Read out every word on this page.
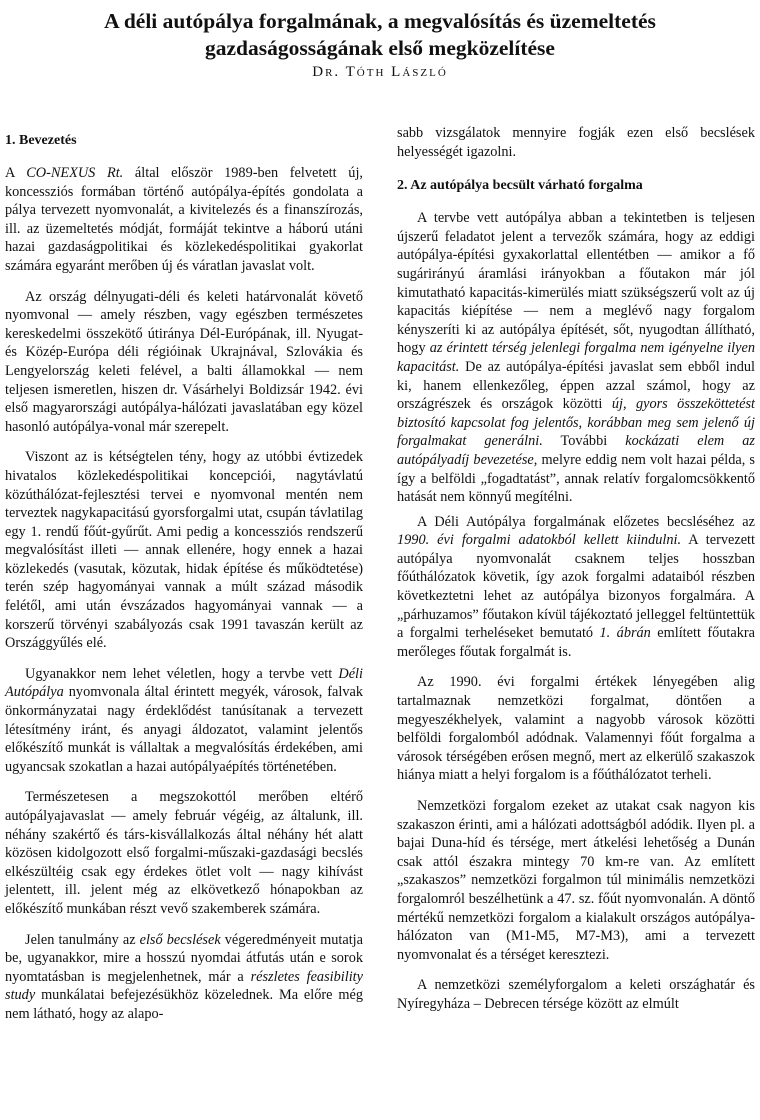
A déli autópálya forgalmának, a megvalósítás és üzemeltetés
gazdaságosságának első megközelítése
Dr. Tóth László
1. Bevezetés

A CO-NEXUS Rt. által először 1989-ben felvetett új, koncessziós formában történő autópálya-építés gondolata a pálya tervezett nyomvonalát, a kivitelezés és a finanszírozás, ill. az üzemeltetés módját, formáját tekintve a háború utáni hazai gazdaságpolitikai és közlekedéspolitikai gyakorlat számára egyaránt merőben új és váratlan javaslat volt.

Az ország délnyugati-déli és keleti határvonalát követő nyomvonal — amely részben, vagy egészben természetes kereskedelmi összekötő útiránya Dél-Európának, ill. Nyugat- és Közép-Európa déli régióinak Ukrajnával, Szlovákia és Lengyelország keleti felével, a balti államokkal — nem teljesen ismeretlen, hiszen dr. Vásárhelyi Boldizsár 1942. évi első magyarországi autópálya-hálózati javaslatában egy közel hasonló autópálya-vonal már szerepelt.

Viszont az is kétségtelen tény, hogy az utóbbi évtizedek hivatalos közlekedéspolitikai koncepciói, nagytávlatú közúthálózat-fejlesztési tervei e nyomvonal mentén nem terveztek nagykapacitású gyorsforgalmi utat, csupán távlatilag egy 1. rendű főút-gyűrűt. Ami pedig a koncessziós rendszerű megvalósítást illeti — annak ellenére, hogy ennek a hazai közlekedés (vasutak, közutak, hidak építése és működtetése) terén szép hagyományai vannak a múlt század második felétől, ami után évszázados hagyományai vannak — a korszerű törvényi szabályozás csak 1991 tavaszán került az Országgyűlés elé.

Ugyanakkor nem lehet véletlen, hogy a tervbe vett Déli Autópálya nyomvonala által érintett megyék, városok, falvak önkormányzatai nagy érdeklődést tanúsítanak a tervezett létesítmény iránt, és anyagi áldozatot, valamint jelentős előkészítő munkát is vállaltak a megvalósítás érdekében, ami ugyancsak szokatlan a hazai autópályaépítés történetében.

Természetesen a megszokottól merőben eltérő autópályajavaslat — amely február végéig, az általunk, ill. néhány szakértő és társ-kisvállalkozás által néhány hét alatt közösen kidolgozott első forgalmi-műszaki-gazdasági becslés elkészültéig csak egy érdekes ötlet volt — nagy kihívást jelentett, ill. jelent még az elkövetkező hónapokban az előkészítő munkában részt vevő szakemberek számára.

Jelen tanulmány az első becslések végeredményeit mutatja be, ugyanakkor, mire a hosszú nyomdai átfutás után e sorok nyomtatásban is megjelenhetnek, már a részletes feasibility study munkálatai befejezésükhöz közelednek. Ma előre még nem látható, hogy az alapo-

sabb vizsgálatok mennyire fogják ezen első becslések helyességét igazolni.

2. Az autópálya becsült várható forgalma

A tervbe vett autópálya abban a tekintetben is teljesen újszerű feladatot jelent a tervezők számára, hogy az eddigi autópálya-építési gyxakorlattal ellentétben — amikor a fő sugárirányú áramlási irányokban a főutakon már jól kimutatható kapacitás-kimerülés miatt szükségszerű volt az új kapacitás kiépítése — nem a meglévő nagy forgalom kényszeríti ki az autópálya építését, sőt, nyugodtan állítható, hogy az érintett térség jelenlegi forgalma nem igényelne ilyen kapacitást. De az autópálya-építési javaslat sem ebből indul ki, hanem ellenkezőleg, éppen azzal számol, hogy az országrészek és országok közötti új, gyors összeköttetést biztosító kapcsolat fog jelentős, korábban meg sem jelenő új forgalmakat generálni. További kockázati elem az autópályadíj bevezetése, melyre eddig nem volt hazai példa, s így a belföldi „fogadtatást”, annak relatív forgalomcsökkentő hatását nem könnyű megítélni.

A Déli Autópálya forgalmának előzetes becsléséhez az 1990. évi forgalmi adatokból kellett kiindulni. A tervezett autópálya nyomvonalát csaknem teljes hosszban főúthálózatok követik, így azok forgalmi adataiból részben következtetni lehet az autópálya bizonyos forgalmára. A „párhuzamos” főutakon kívül tájékoztató jelleggel feltüntettük a forgalmi terheléseket bemutató 1. ábrán említett főutakra merőleges főutak forgalmát is.

Az 1990. évi forgalmi értékek lényegében alig tartalmaznak nemzetközi forgalmat, döntően a megyeszékhelyek, valamint a nagyobb városok közötti belföldi forgalomból adódnak. Valamennyi főút forgalma a városok térségében erősen megnő, mert az elkerülő szakaszok hiánya miatt a helyi forgalom is a főúthálózatot terheli.

Nemzetközi forgalom ezeket az utakat csak nagyon kis szakaszon érinti, ami a hálózati adottságból adódik. Ilyen pl. a bajai Duna-híd és térsége, mert átkelési lehetőség a Dunán csak attól északra mintegy 70 km-re van. Az említett „szakaszos” nemzetközi forgalmon túl minimális nemzetközi forgalomról beszélhetünk a 47. sz. főút nyomvonalán. A döntő mértékű nemzetközi forgalom a kialakult országos autópálya-hálózaton van (M1-M5, M7-M3), ami a tervezett nyomvonalat és a térséget keresztezi.

A nemzetközi személyforgalom a keleti országhatár és Nyíregyháza – Debrecen térsége között az elmúlt
